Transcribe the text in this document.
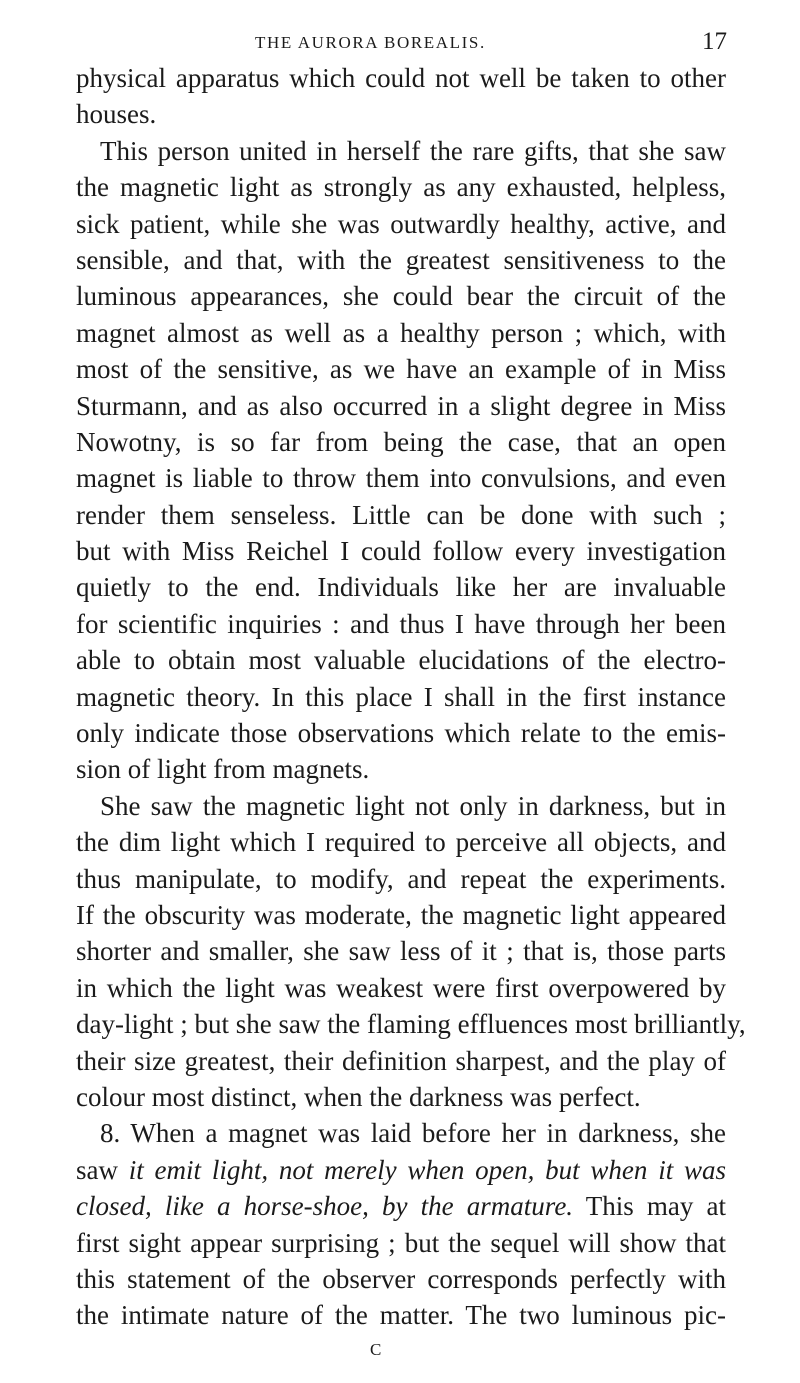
THE AURORA BOREALIS.	17
physical apparatus which could not well be taken to other
houses.
This person united in herself the rare gifts, that she saw
the magnetic light as strongly as any exhausted, helpless,
sick patient, while she was outwardly healthy, active, and
sensible, and that, with the greatest sensitiveness to the
luminous appearances, she could bear the circuit of the
magnet almost as well as a healthy person ; which, with
most of the sensitive, as we have an example of in Miss
Sturmann, and as also occurred in a slight degree in Miss
Nowotny, is so far from being the case, that an open
magnet is liable to throw them into convulsions, and even
render them senseless. Little can be done with such ;
but with Miss Reichel I could follow every investigation
quietly to the end. Individuals like her are invaluable
for scientific inquiries : and thus I have through her been
able to obtain most valuable elucidations of the electro-
magnetic theory. In this place I shall in the first instance
only indicate those observations which relate to the emis-
sion of light from magnets.
She saw the magnetic light not only in darkness, but in
the dim light which I required to perceive all objects, and
thus manipulate, to modify, and repeat the experiments.
If the obscurity was moderate, the magnetic light appeared
shorter and smaller, she saw less of it ; that is, those parts
in which the light was weakest were first overpowered by
day-light ; but she saw the flaming effluences most brilliantly,
their size greatest, their definition sharpest, and the play of
colour most distinct, when the darkness was perfect.
8. When a magnet was laid before her in darkness, she
saw it emit light, not merely when open, but when it was
closed, like a horse-shoe, by the armature. This may at
first sight appear surprising ; but the sequel will show that
this statement of the observer corresponds perfectly with
the intimate nature of the matter. The two luminous pic-
C
